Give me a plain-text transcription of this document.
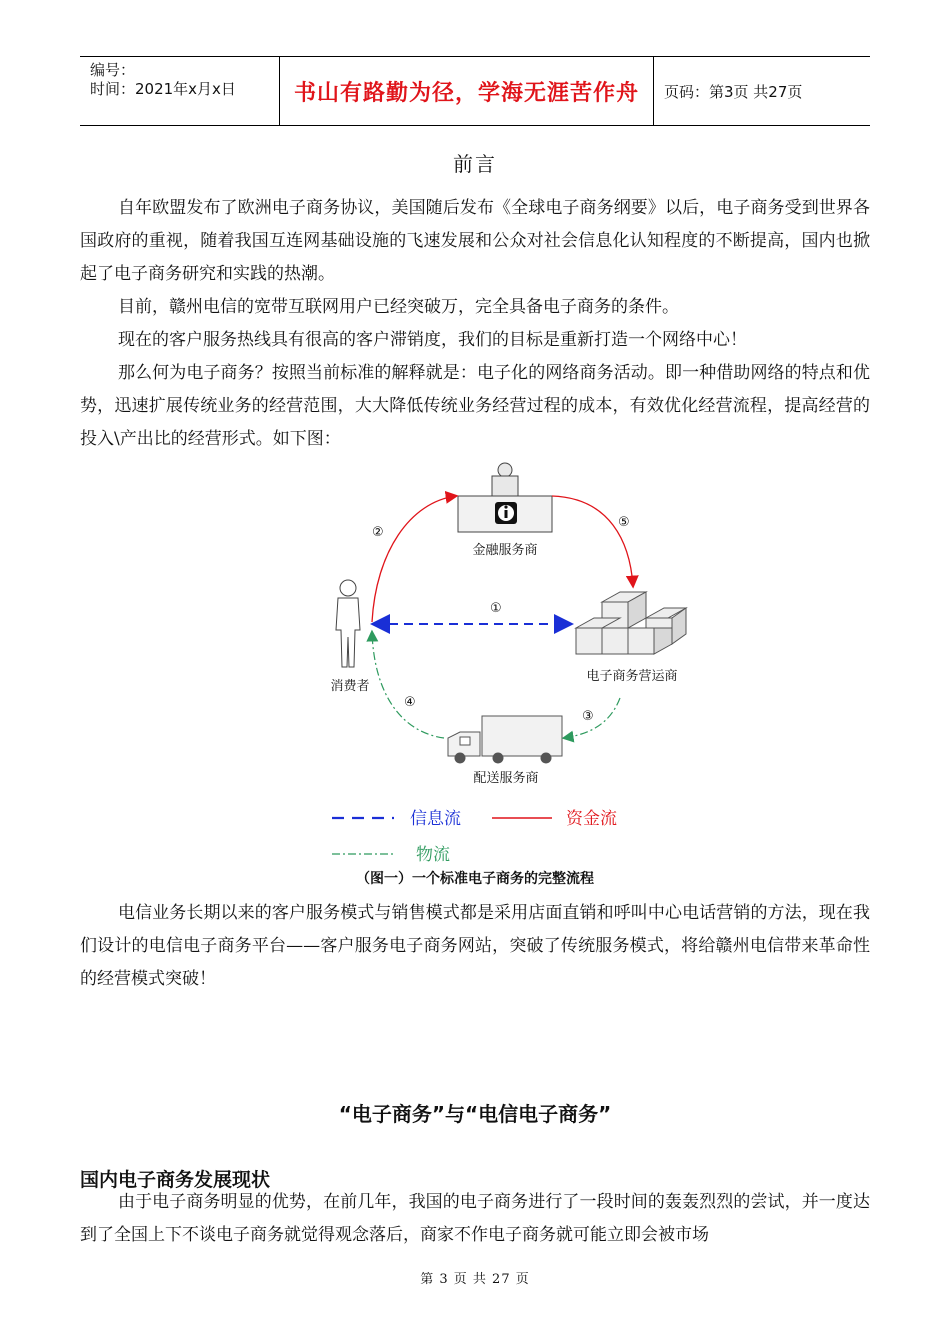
编号：
时间：2021年x月x日	书山有路勤为径，学海无涯苦作舟	页码：第3页 共27页
前言
自年欧盟发布了欧洲电子商务协议，美国随后发布《全球电子商务纲要》以后，电子商务受到世界各国政府的重视，随着我国互连网基础设施的飞速发展和公众对社会信息化认知程度的不断提高，国内也掀起了电子商务研究和实践的热潮。
目前，赣州电信的宽带互联网用户已经突破万，完全具备电子商务的条件。
现在的客户服务热线具有很高的客户滞销度，我们的目标是重新打造一个网络中心！
那么何为电子商务？按照当前标准的解释就是：电子化的网络商务活动。即一种借助网络的特点和优势，迅速扩展传统业务的经营范围，大大降低传统业务经营过程的成本，有效优化经营流程，提高经营的投入\产出比的经营形式。如下图：
金融服务商
消费者
电子商务营运商
配送服务商
①
②
③
④
⑤
信息流	资金流
物流
（图一）一个标准电子商务的完整流程
电信业务长期以来的客户服务模式与销售模式都是采用店面直销和呼叫中心电话营销的方法，现在我们设计的电信电子商务平台——客户服务电子商务网站，突破了传统服务模式，将给赣州电信带来革命性的经营模式突破！
“电子商务”与“电信电子商务”
国内电子商务发展现状
由于电子商务明显的优势，在前几年，我国的电子商务进行了一段时间的轰轰烈烈的尝试，并一度达到了全国上下不谈电子商务就觉得观念落后，商家不作电子商务就可能立即会被市场
第 3 页 共 27 页
